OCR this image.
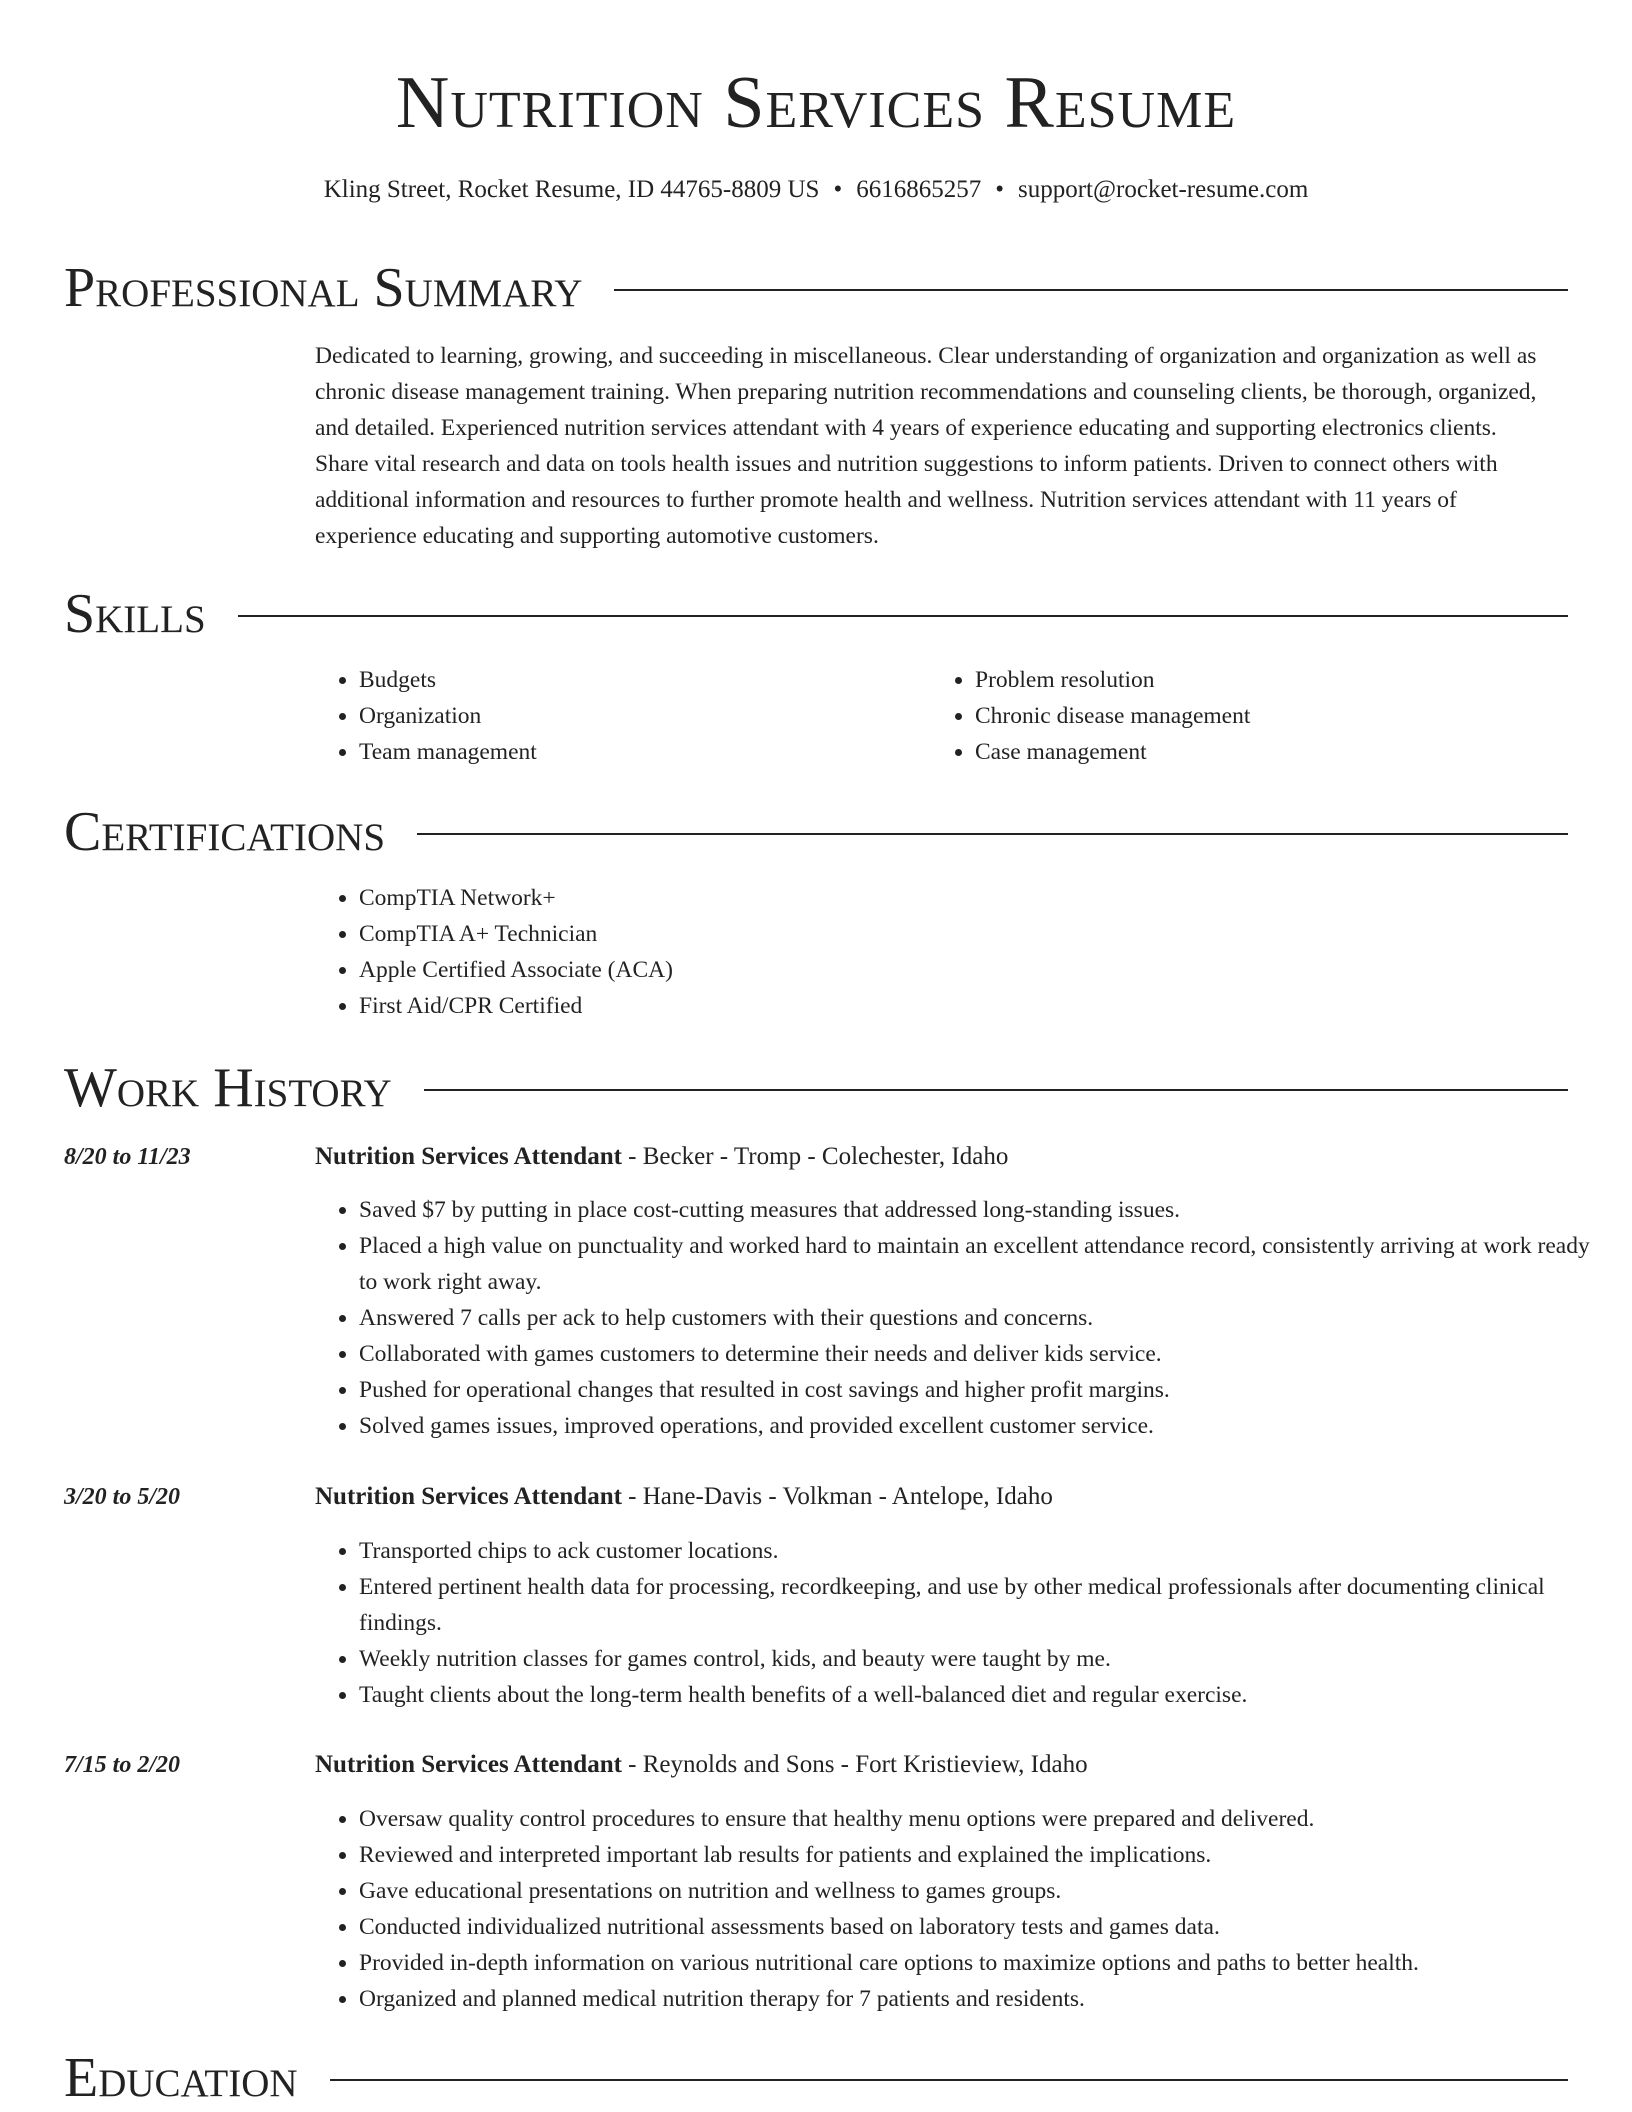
Nutrition Services Resume
Kling Street, Rocket Resume, ID 44765-8809 US • 6616865257 • support@rocket-resume.com
Professional Summary

Dedicated to learning, growing, and succeeding in miscellaneous. Clear understanding of organization and organization as well as chronic disease management training. When preparing nutrition recommendations and counseling clients, be thorough, organized, and detailed. Experienced nutrition services attendant with 4 years of experience educating and supporting electronics clients. Share vital research and data on tools health issues and nutrition suggestions to inform patients. Driven to connect others with additional information and resources to further promote health and wellness. Nutrition services attendant with 11 years of experience educating and supporting automotive customers.

Skills
• Budgets
• Organization
• Team management
• Problem resolution
• Chronic disease management
• Case management
Certifications
• CompTIA Network+
• CompTIA A+ Technician
• Apple Certified Associate (ACA)
• First Aid/CPR Certified
Work History
8/20 to 11/23	Nutrition Services Attendant - Becker - Tromp - Colechester, Idaho
• Saved $7 by putting in place cost-cutting measures that addressed long-standing issues.
• Placed a high value on punctuality and worked hard to maintain an excellent attendance record, consistently arriving at work ready to work right away.
• Answered 7 calls per ack to help customers with their questions and concerns.
• Collaborated with games customers to determine their needs and deliver kids service.
• Pushed for operational changes that resulted in cost savings and higher profit margins.
• Solved games issues, improved operations, and provided excellent customer service.
3/20 to 5/20	Nutrition Services Attendant - Hane-Davis - Volkman - Antelope, Idaho
• Transported chips to ack customer locations.
• Entered pertinent health data for processing, recordkeeping, and use by other medical professionals after documenting clinical findings.
• Weekly nutrition classes for games control, kids, and beauty were taught by me.
• Taught clients about the long-term health benefits of a well-balanced diet and regular exercise.
7/15 to 2/20	Nutrition Services Attendant - Reynolds and Sons - Fort Kristieview, Idaho
• Oversaw quality control procedures to ensure that healthy menu options were prepared and delivered.
• Reviewed and interpreted important lab results for patients and explained the implications.
• Gave educational presentations on nutrition and wellness to games groups.
• Conducted individualized nutritional assessments based on laboratory tests and games data.
• Provided in-depth information on various nutritional care options to maximize options and paths to better health.
• Organized and planned medical nutrition therapy for 7 patients and residents.
Education
